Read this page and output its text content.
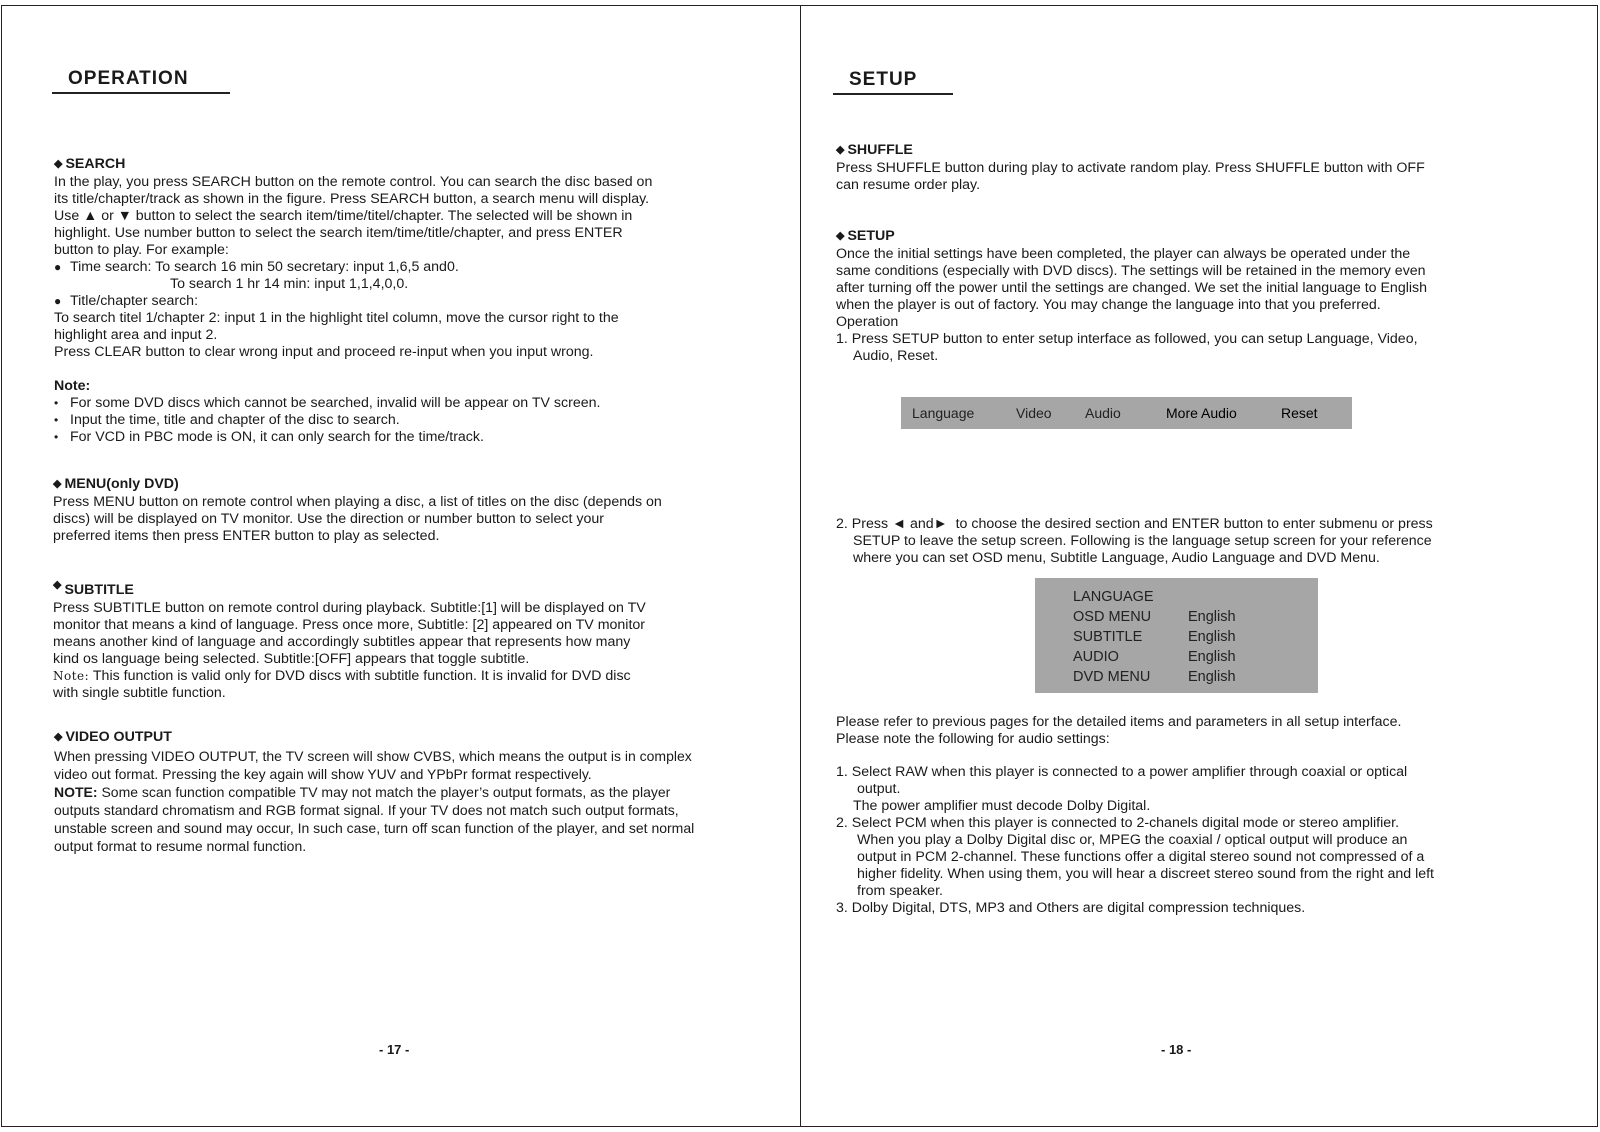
OPERATION
◆ SEARCH

In the play, you press SEARCH button on the remote control. You can search the disc based on

its title/chapter/track as shown in the figure. Press SEARCH button, a search menu will display.

Use ▲ or ▼ button to select the search item/time/titel/chapter. The selected will be shown in

highlight. Use number button to select the search item/time/title/chapter, and press ENTER

button to play. For example:

● Time search: To search 16 min 50 secretary: input 1,6,5 and0.

To search 1 hr 14 min: input 1,1,4,0,0.

● Title/chapter search:

To search titel 1/chapter 2: input 1 in the highlight titel column, move the cursor right to the

highlight area and input 2.

Press CLEAR button to clear wrong input and proceed re-input when you input wrong.

Note:
• For some DVD discs which cannot be searched, invalid will be appear on TV screen.
• Input the time, title and chapter of the disc to search.
• For VCD in PBC mode is ON, it can only search for the time/track.
◆ MENU(only DVD)

Press MENU button on remote control when playing a disc, a list of titles on the disc (depends on

discs) will be displayed on TV monitor. Use the direction or number button to select your

preferred items then press ENTER button to play as selected.

◆ SUBTITLE

Press SUBTITLE button on remote control during playback. Subtitle:[1] will be displayed on TV

monitor that means a kind of language. Press once more, Subtitle: [2] appeared on TV monitor

means another kind of language and accordingly subtitles appear that represents how many

kind os language being selected. Subtitle:[OFF] appears that toggle subtitle.

Note: This function is valid only for DVD discs with subtitle function. It is invalid for DVD disc

with single subtitle function.

◆ VIDEO OUTPUT

When pressing VIDEO OUTPUT, the TV screen will show CVBS, which means the output is in complex

video out format. Pressing the key again will show YUV and YPbPr format respectively.

NOTE: Some scan function compatible TV may not match the player’s output formats, as the player

outputs standard chromatism and RGB format signal. If your TV does not match such output formats,

unstable screen and sound may occur, In such case, turn off scan function of the player, and set normal

output format to resume normal function.

- 17 -
SETUP
◆ SHUFFLE

Press SHUFFLE button during play to activate random play. Press SHUFFLE button with OFF

can resume order play.

◆ SETUP

Once the initial settings have been completed, the player can always be operated under the

same conditions (especially with DVD discs). The settings will be retained in the memory even

after turning off the power until the settings are changed. We set the initial language to English

when the player is out of factory. You may change the language into that you preferred.

Operation

1. Press SETUP button to enter setup interface as followed, you can setup Language, Video,

Audio, Reset.

Language	Video Audio	More Audio	Reset

2. Press ◄ and► to choose the desired section and ENTER button to enter submenu or press

SETUP to leave the setup screen. Following is the language setup screen for your reference

where you can set OSD menu, Subtitle Language, Audio Language and DVD Menu.

LANGUAGE
OSD MENU	English
SUBTITLE	English
AUDIO	English
DVD MENU	English

Please refer to previous pages for the detailed items and parameters in all setup interface.

Please note the following for audio settings:

1. Select RAW when this player is connected to a power amplifier through coaxial or optical

output.

The power amplifier must decode Dolby Digital.

2. Select PCM when this player is connected to 2-chanels digital mode or stereo amplifier.

When you play a Dolby Digital disc or, MPEG the coaxial / optical output will produce an

output in PCM 2-channel. These functions offer a digital stereo sound not compressed of a

higher fidelity. When using them, you will hear a discreet stereo sound from the right and left

from speaker.

3. Dolby Digital, DTS, MP3 and Others are digital compression techniques.

- 18 -
